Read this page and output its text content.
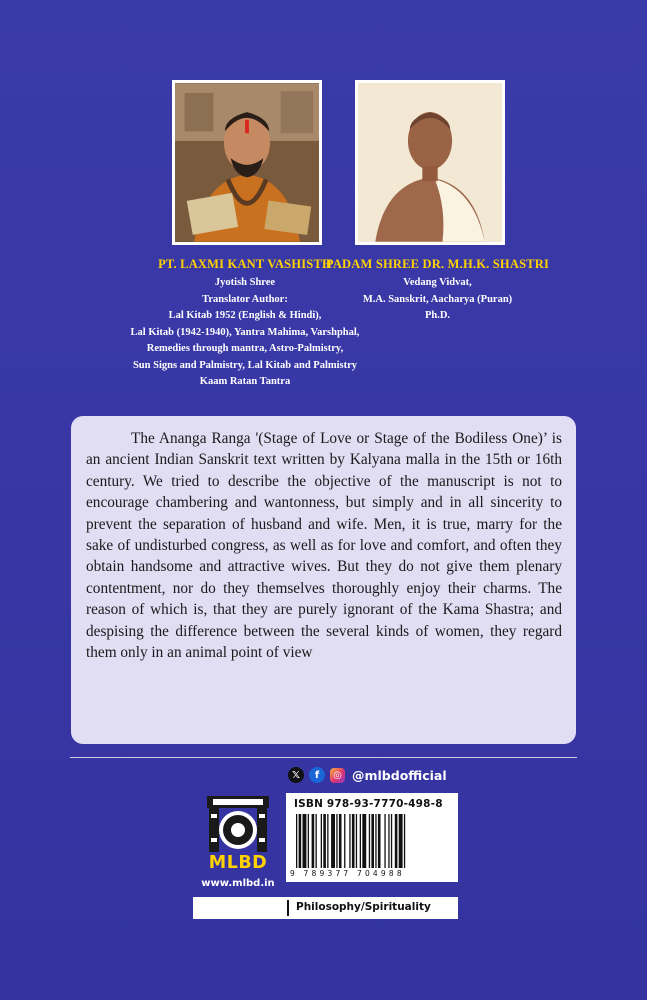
PT. LAXMI KANT VASHISTH
Jyotish Shree
Translator Author:
Lal Kitab 1952 (English & Hindi),
Lal Kitab (1942-1940), Yantra Mahima, Varshphal,
Remedies through mantra, Astro-Palmistry,
Sun Signs and Palmistry, Lal Kitab and Palmistry
Kaam Ratan Tantra
PADAM SHREE DR. M.H.K. SHASTRI
Vedang Vidvat,
M.A. Sanskrit, Aacharya (Puran)
Ph.D.

The Ananga Ranga '(Stage of Love or Stage of the Bodiless One)’ is an ancient Indian Sanskrit text written by Kalyana malla in the 15th or 16th century. We tried to describe the objective of the manuscript is not to encourage chambering and wantonness, but simply and in all sincerity to prevent the separation of husband and wife. Men, it is true, marry for the sake of undisturbed congress, as well as for love and comfort, and often they obtain handsome and attractive wives. But they do not give them plenary contentment, nor do they themselves thoroughly enjoy their charms. The reason of which is, that they are purely ignorant of the Kama Shastra; and despising the difference between the several kinds of women, they regard them only in an animal point of view

𝕏	f	◎ @mlbdofficial
MLBD
www.mlbd.in
ISBN 978-93-7770-498-8
9 789377 704988
Philosophy/Spirituality
